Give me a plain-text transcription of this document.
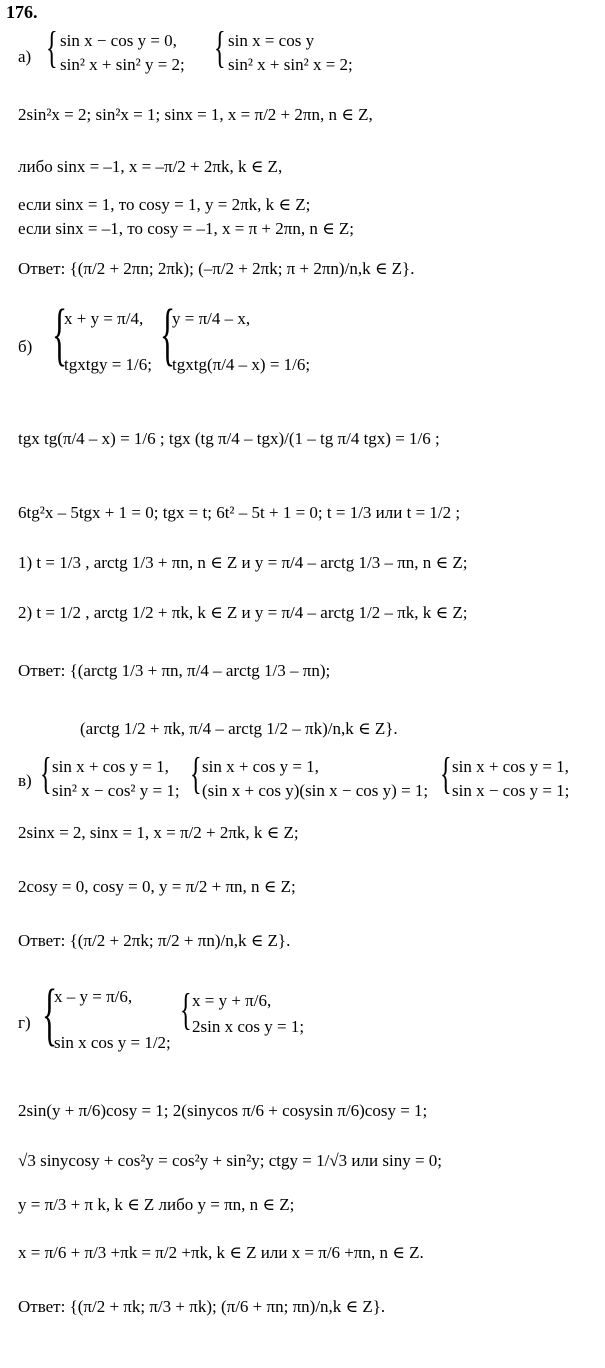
176.
а) { sin x − cos y = 0,
sin² x + sin² y = 2; { sin x = cos y
sin² x + sin² x = 2;
2sin²x = 2; sin²x = 1; sinx = 1, x = π/2 + 2πn, n ∈ Z,
либо sinx = –1, x = –π/2 + 2πk, k ∈ Z,
если sinx = 1, то cosy = 1, y = 2πk, k ∈ Z;
если sinx = –1, то cosy = –1, x = π + 2πn, n ∈ Z;
Ответ: {(π/2 + 2πn; 2πk); (–π/2 + 2πk; π + 2πn)/n,k ∈ Z}.
б) {
x + y = π/4,
tgxtgy = 1/6; {
y = π/4 – x,
tgxtg(π/4 – x) = 1/6;
tgx tg(π/4 – x) = 1/6 ; tgx (tg π/4 – tgx)/(1 – tg π/4 tgx) = 1/6 ;
6tg²x – 5tgx + 1 = 0; tgx = t; 6t² – 5t + 1 = 0; t = 1/3 или t = 1/2 ;
1) t = 1/3 , arctg 1/3 + πn, n ∈ Z и y = π/4 – arctg 1/3 – πn, n ∈ Z;
2) t = 1/2 , arctg 1/2 + πk, k ∈ Z и y = π/4 – arctg 1/2 – πk, k ∈ Z;
Ответ: {(arctg 1/3 + πn, π/4 – arctg 1/3 – πn);
(arctg 1/2 + πk, π/4 – arctg 1/2 – πk)/n,k ∈ Z}.
в) { sin x + cos y = 1,
sin² x − cos² y = 1; { sin x + cos y = 1,
(sin x + cos y)(sin x − cos y) = 1; { sin x + cos y = 1,
sin x − cos y = 1;
2sinx = 2, sinx = 1, x = π/2 + 2πk, k ∈ Z;
2cosy = 0, cosy = 0, y = π/2 + πn, n ∈ Z;
Ответ: {(π/2 + 2πk; π/2 + πn)/n,k ∈ Z}.
г) {
x – y = π/6,
sin x cos y = 1/2;
{ x = y + π/6,
2sin x cos y = 1;
2sin(y + π/6)cosy = 1; 2(sinycos π/6 + cosysin π/6)cosy = 1;
√3 sinycosy + cos²y = cos²y + sin²y; ctgy = 1/√3 или siny = 0;
y = π/3 + π k, k ∈ Z либо y = πn, n ∈ Z;
x = π/6 + π/3 +πk = π/2 +πk, k ∈ Z или x = π/6 +πn, n ∈ Z.
Ответ: {(π/2 + πk; π/3 + πk); (π/6 + πn; πn)/n,k ∈ Z}.
